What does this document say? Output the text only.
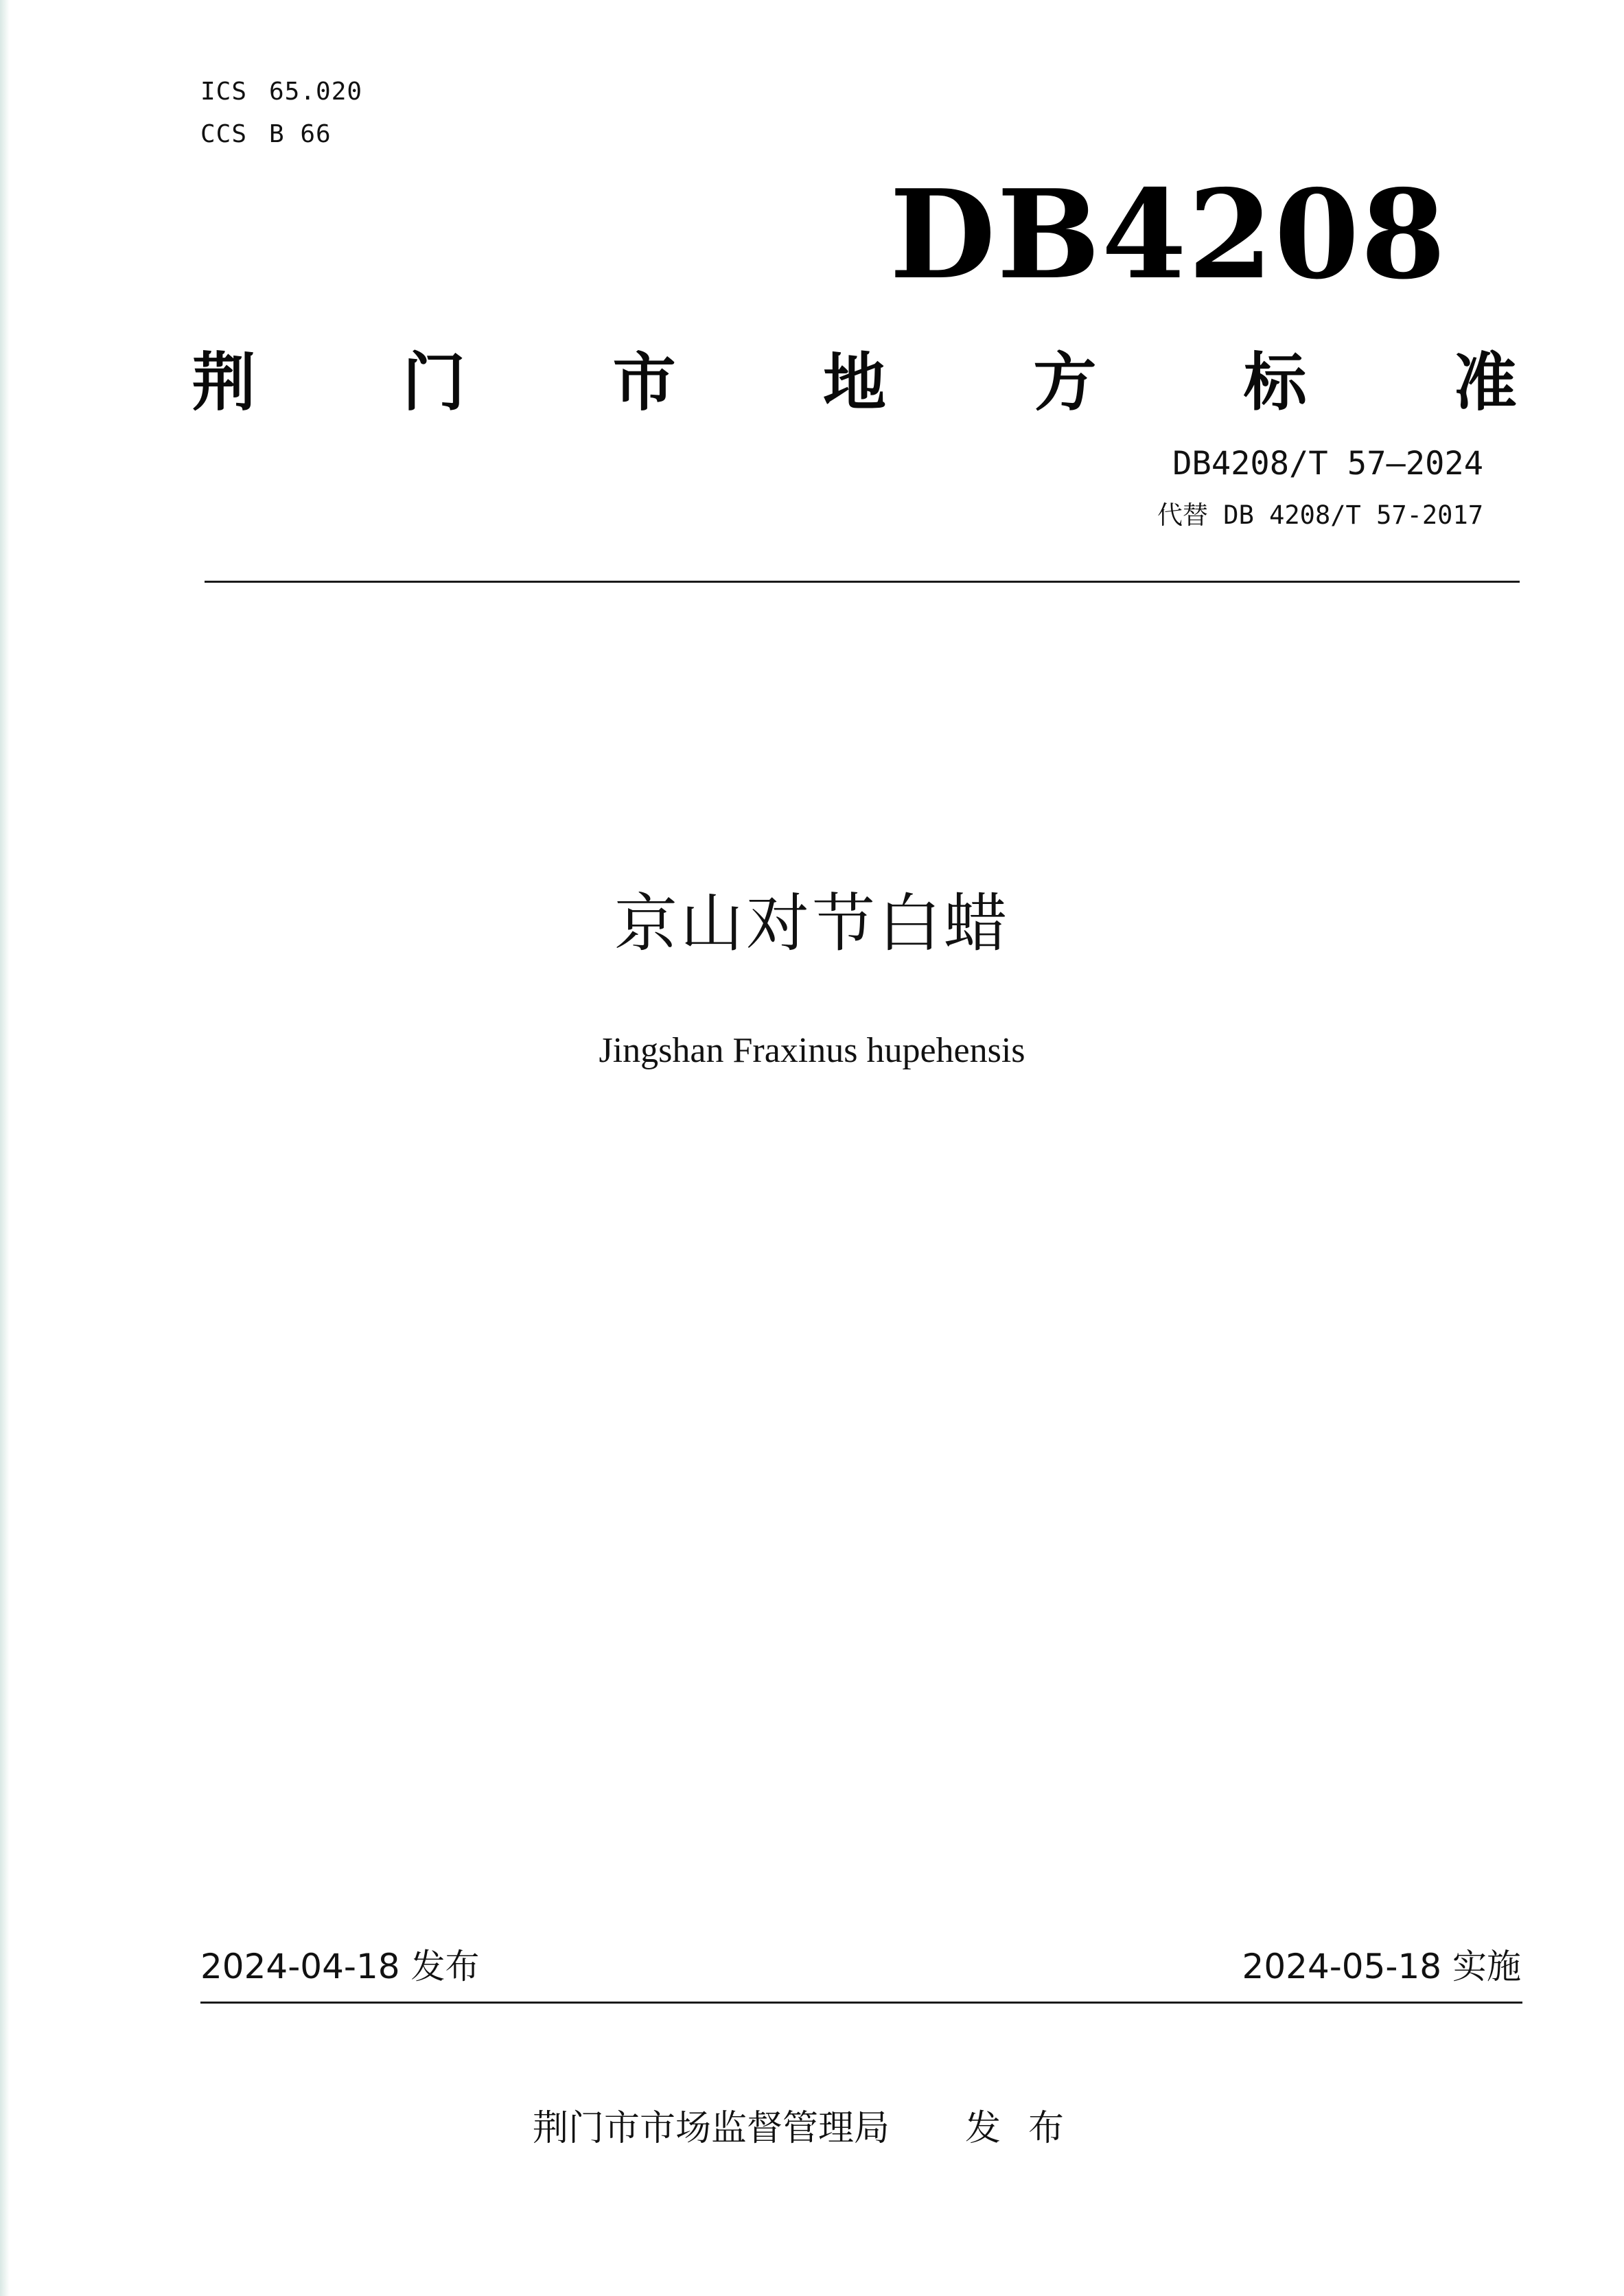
ICS 65.020
CCS B 66
DB4208
荆 门 市 地 方 标 准
DB4208/T 57—2024
代替 DB 4208/T 57-2017
京山对节白蜡
Jingshan Fraxinus hupehensis
2024-04-18 发布	2024-05-18 实施
荆门市市场监督管理局 发布
